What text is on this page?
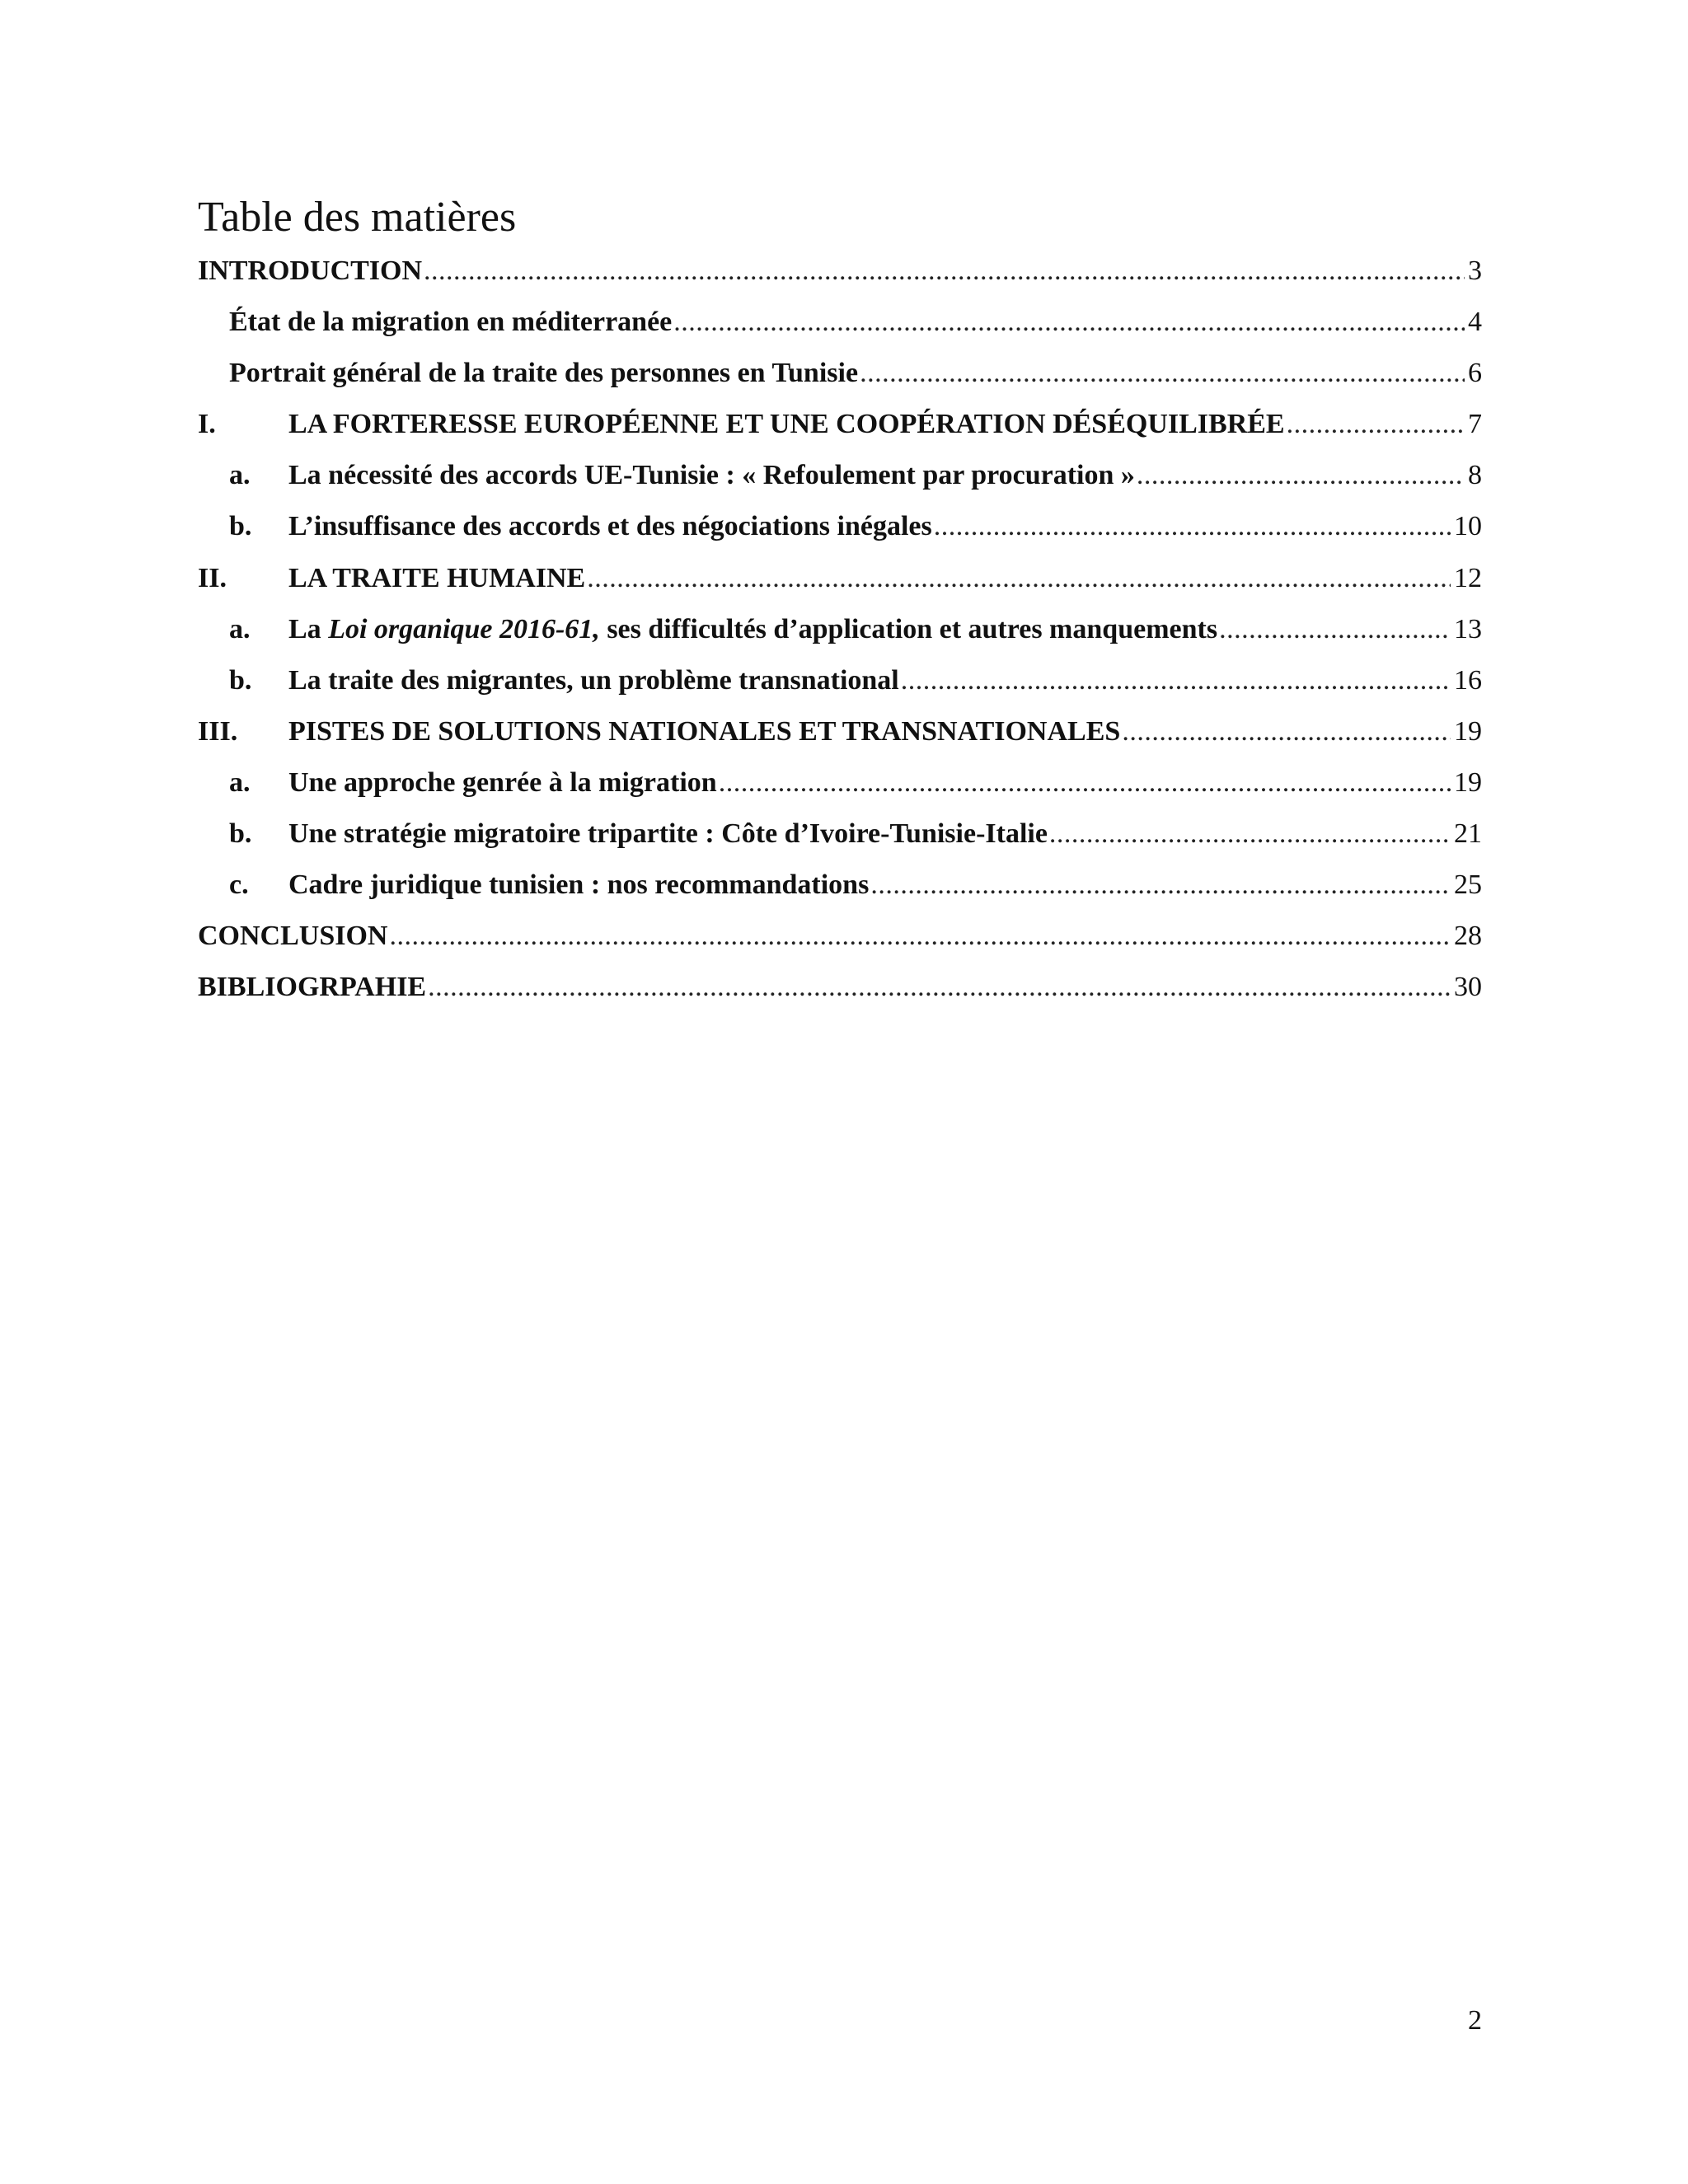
Table des matières
INTRODUCTION .....	3
État de la migration en méditerranée .....	4
Portrait général de la traite des personnes en Tunisie .....	6
I.	LA FORTERESSE EUROPÉENNE ET UNE COOPÉRATION DÉSÉQUILIBRÉE .....	7
a.	La nécessité des accords UE-Tunisie : « Refoulement par procuration » .....	8
b.	L’insuffisance des accords et des négociations inégales .....	10
II.	LA TRAITE HUMAINE .....	12
a.	La Loi organique 2016-61, ses difficultés d’application et autres manquements .....	13
b.	La traite des migrantes, un problème transnational .....	16
III.	PISTES DE SOLUTIONS NATIONALES ET TRANSNATIONALES .....	19
a.	Une approche genrée à la migration .....	19
b.	Une stratégie migratoire tripartite : Côte d’Ivoire-Tunisie-Italie .....	21
c.	Cadre juridique tunisien : nos recommandations .....	25
CONCLUSION .....	28
BIBLIOGRPAHIE .....	30
2
